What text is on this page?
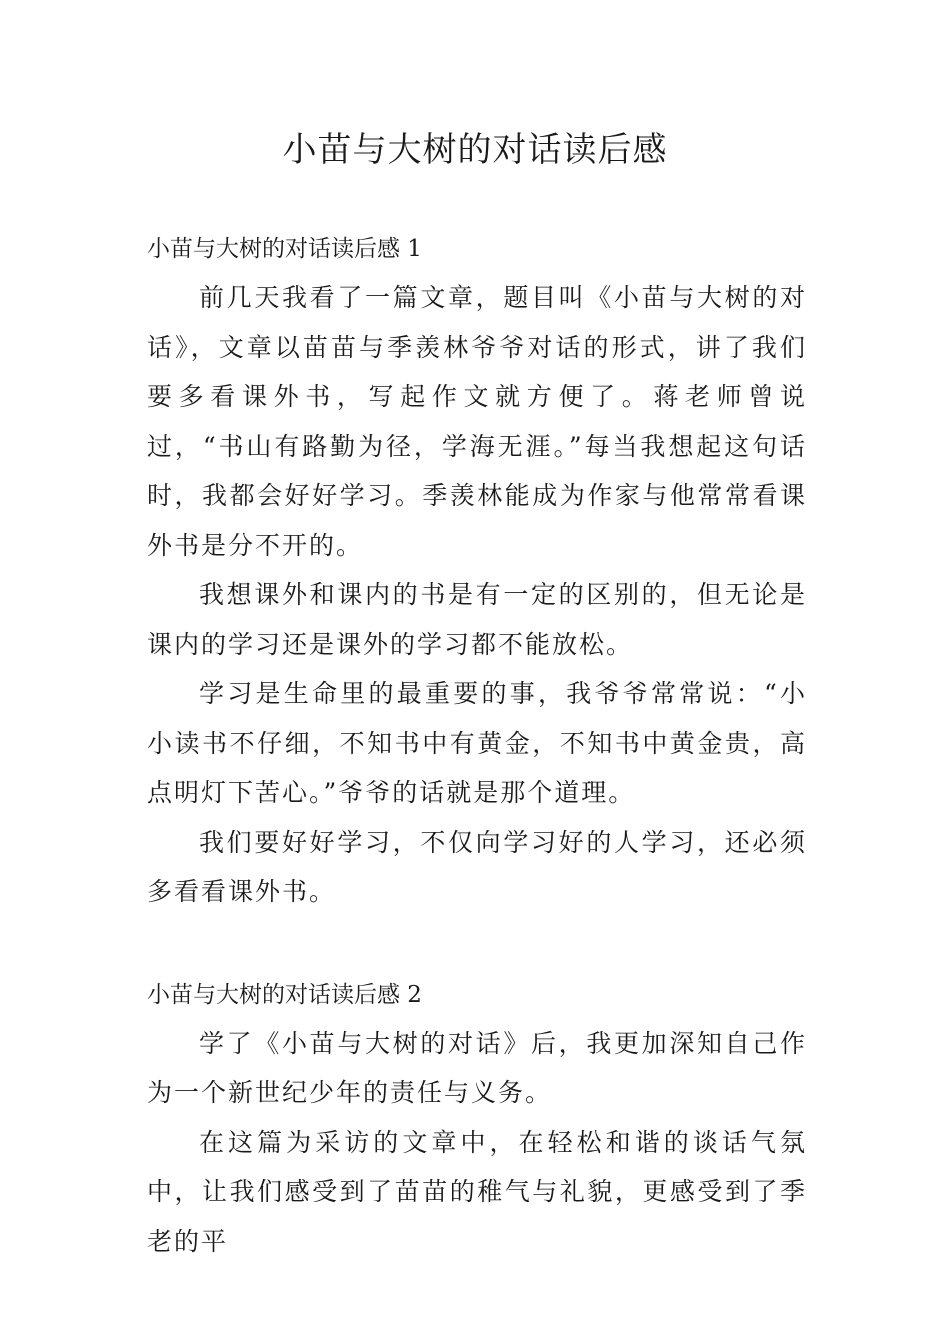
小苗与大树的对话读后感

小苗与大树的对话读后感 1

前几天我看了一篇文章，题目叫《小苗与大树的对话》，文章以苗苗与季羡林爷爷对话的形式，讲了我们要多看课外书，写起作文就方便了。蒋老师曾说过，“书山有路勤为径，学海无涯。”每当我想起这句话时，我都会好好学习。季羡林能成为作家与他常常看课外书是分不开的。

我想课外和课内的书是有一定的区别的，但无论是课内的学习还是课外的学习都不能放松。

学习是生命里的最重要的事，我爷爷常常说：“小小读书不仔细，不知书中有黄金，不知书中黄金贵，高点明灯下苦心。”爷爷的话就是那个道理。

我们要好好学习，不仅向学习好的人学习，还必须多看看课外书。

小苗与大树的对话读后感 2

学了《小苗与大树的对话》后，我更加深知自己作为一个新世纪少年的责任与义务。

在这篇为采访的文章中，在轻松和谐的谈话气氛中，让我们感受到了苗苗的稚气与礼貌，更感受到了季老的平
